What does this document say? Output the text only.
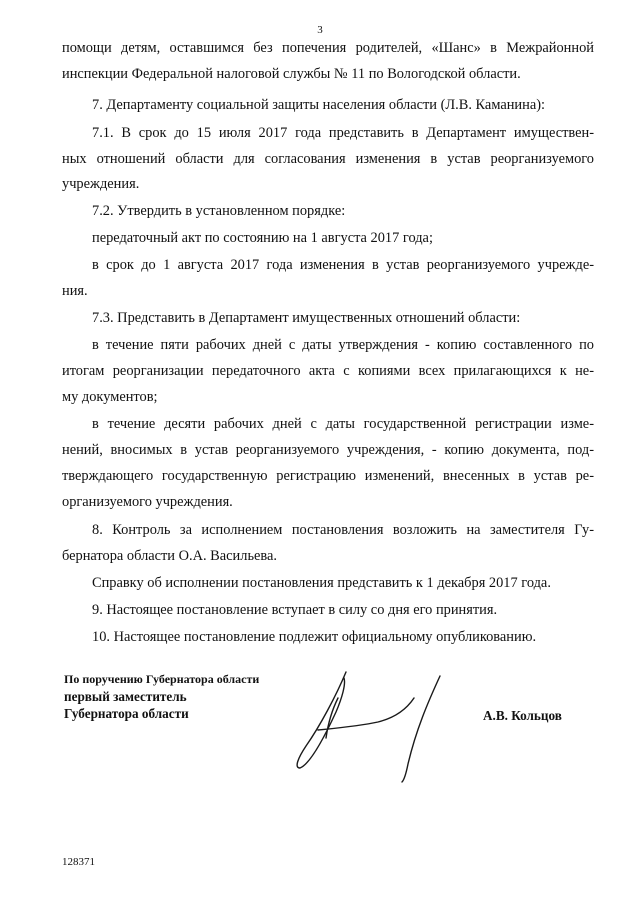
3
помощи детям, оставшимся без попечения родителей, «Шанс» в Межрайонной
инспекции Федеральной налоговой службы № 11 по Вологодской области.
7. Департаменту социальной защиты населения области (Л.В. Каманина):
7.1. В срок до 15 июля 2017 года представить в Департамент имуществен-
ных отношений области для согласования изменения в устав реорганизуемого
учреждения.
7.2. Утвердить в установленном порядке:
передаточный акт по состоянию на 1 августа 2017 года;
в срок до 1 августа 2017 года изменения в устав реорганизуемого учрежде-
ния.
7.3. Представить в Департамент имущественных отношений области:
в течение пяти рабочих дней с даты утверждения - копию составленного по
итогам реорганизации передаточного акта с копиями всех прилагающихся к не-
му документов;
в течение десяти рабочих дней с даты государственной регистрации изме-
нений, вносимых в устав реорганизуемого учреждения, - копию документа, под-
тверждающего государственную регистрацию изменений, внесенных в устав ре-
организуемого учреждения.
8. Контроль за исполнением постановления возложить на заместителя Гу-
бернатора области О.А. Васильева.
Справку об исполнении постановления представить к 1 декабря 2017 года.
9. Настоящее постановление вступает в силу со дня его принятия.
10. Настоящее постановление подлежит официальному опубликованию.
По поручению Губернатора области
первый заместитель
Губернатора области	А.В. Кольцов
128371
